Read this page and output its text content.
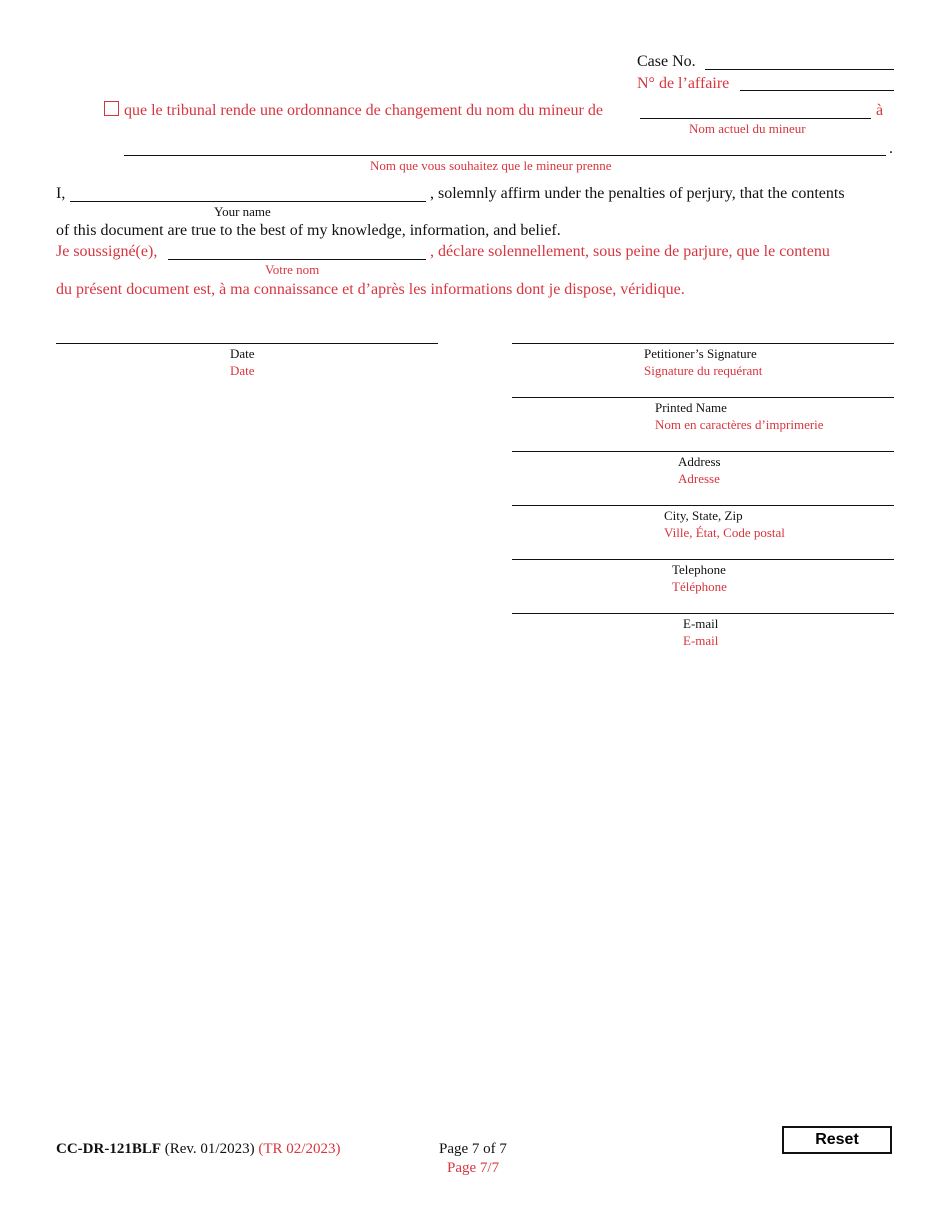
Case No.
N° de l’affaire
que le tribunal rende une ordonnance de changement du nom du mineur de	à
Nom actuel du mineur
.
Nom que vous souhaitez que le mineur prenne
I,	, solemnly affirm under the penalties of perjury, that the contents
Your name
of this document are true to the best of my knowledge, information, and belief.
Je soussigné(e),	, déclare solennellement, sous peine de parjure, que le contenu
Votre nom
du présent document est, à ma connaissance et d’après les informations dont je dispose, véridique.
Date
Date
Petitioner’s Signature
Signature du requérant
Printed Name
Nom en caractères d’imprimerie
Address
Adresse
City, State, Zip
Ville, État, Code postal
Telephone
Téléphone
E-mail
E-mail
CC-DR-121BLF (Rev. 01/2023) (TR 02/2023)	Page 7 of 7
Page 7/7
Reset
